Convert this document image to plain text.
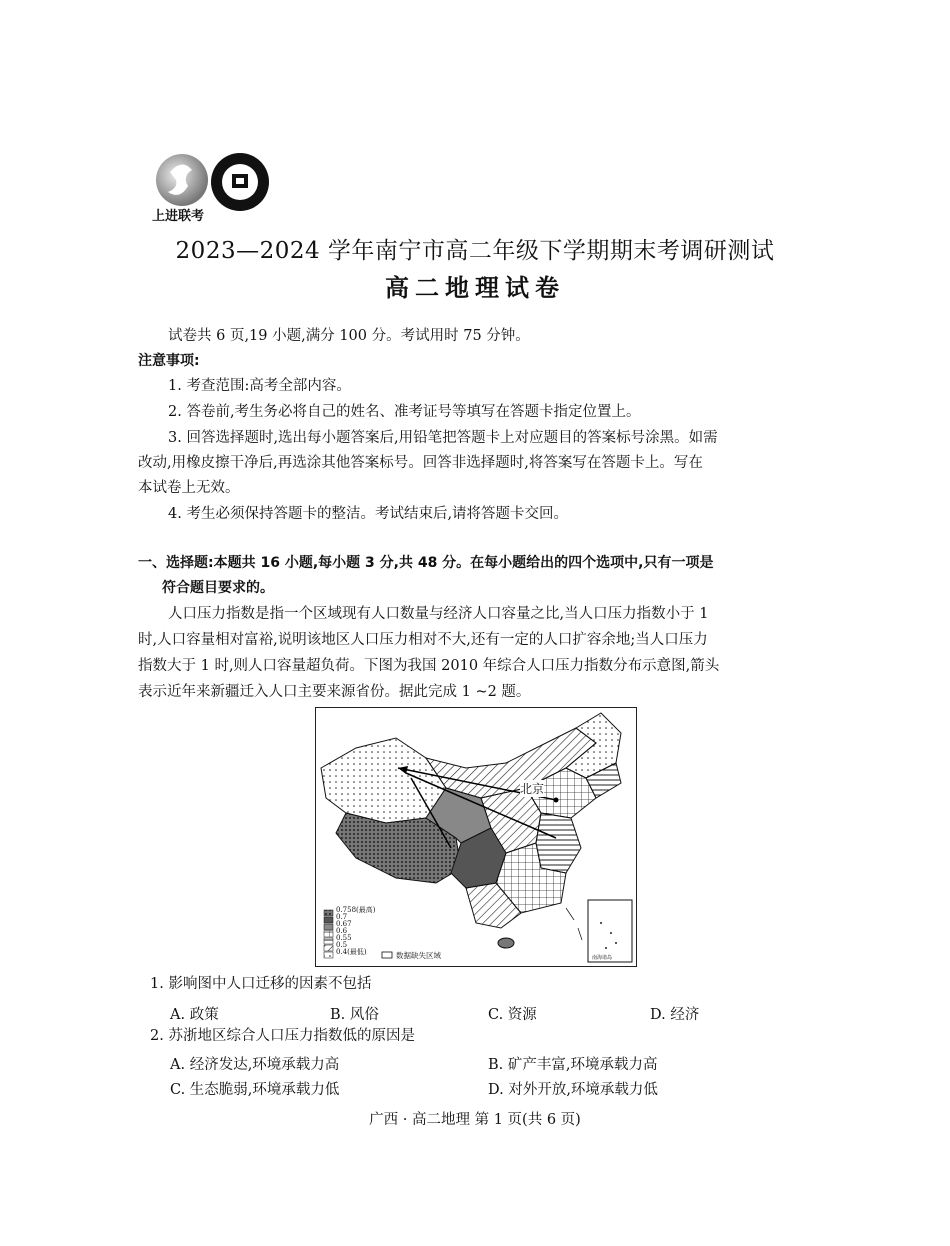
上进联考
2023—2024 学年南宁市高二年级下学期期末考调研测试
高二地理试卷
试卷共 6 页,19 小题,满分 100 分。考试用时 75 分钟。
注意事项:
1. 考查范围:高考全部内容。
2. 答卷前,考生务必将自己的姓名、准考证号等填写在答题卡指定位置上。
3. 回答选择题时,选出每小题答案后,用铅笔把答题卡上对应题目的答案标号涂黑。如需
改动,用橡皮擦干净后,再选涂其他答案标号。回答非选择题时,将答案写在答题卡上。写在
本试卷上无效。
4. 考生必须保持答题卡的整洁。考试结束后,请将答题卡交回。
一、选择题:本题共 16 小题,每小题 3 分,共 48 分。在每小题给出的四个选项中,只有一项是
符合题目要求的。
人口压力指数是指一个区域现有人口数量与经济人口容量之比,当人口压力指数小于 1
时,人口容量相对富裕,说明该地区人口压力相对不大,还有一定的人口扩容余地;当人口压力
指数大于 1 时,则人口容量超负荷。下图为我国 2010 年综合人口压力指数分布示意图,箭头
表示近年来新疆迁入人口主要来源省份。据此完成 1 ~2 题。
北京
0.758(最高)
0.7
0.67
0.6
0.55
0.5
0.4(最低)	数据缺失区域	南海诸岛
1. 影响图中人口迁移的因素不包括
A. 政策	B. 风俗	C. 资源	D. 经济
2. 苏浙地区综合人口压力指数低的原因是
A. 经济发达,环境承载力高	B. 矿产丰富,环境承载力高
C. 生态脆弱,环境承载力低	D. 对外开放,环境承载力低
广西 · 高二地理 第 1 页(共 6 页)
